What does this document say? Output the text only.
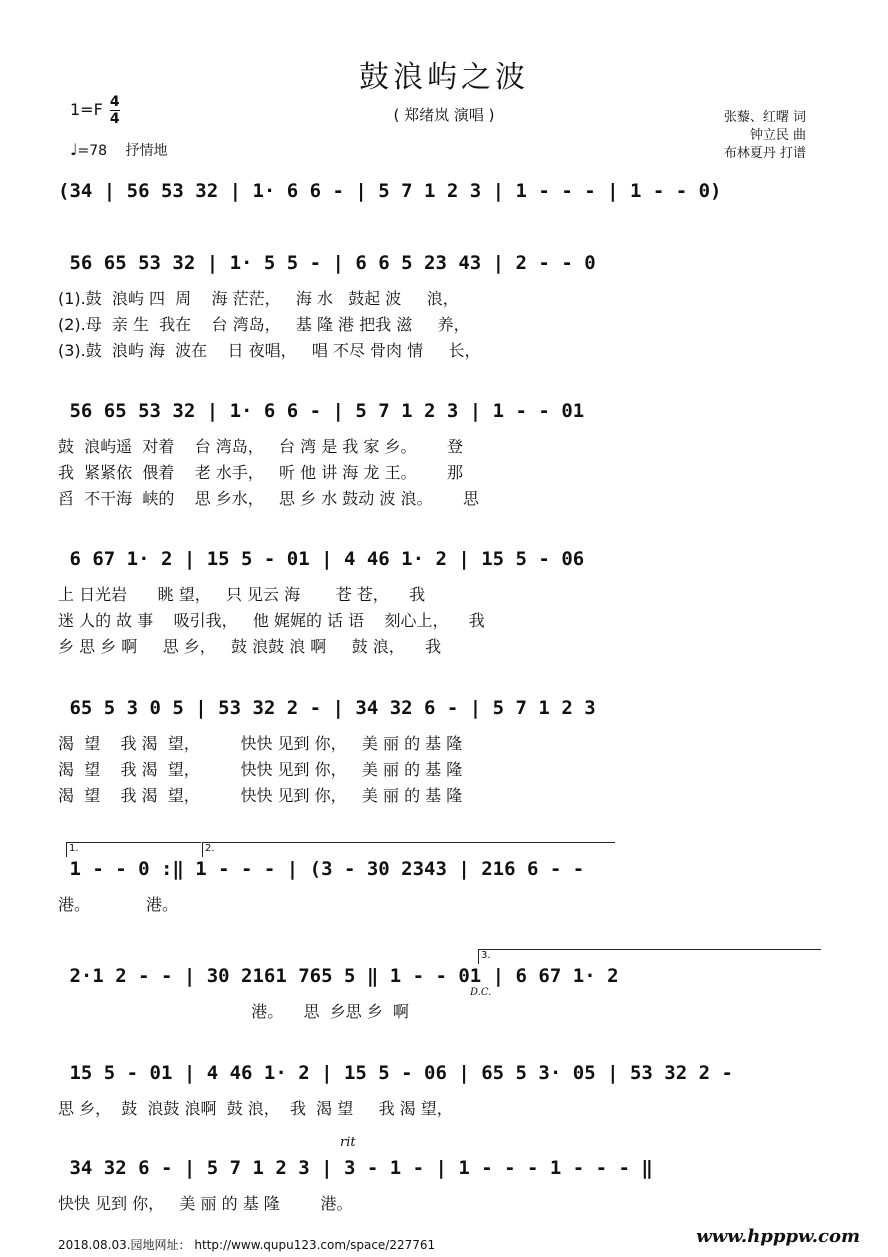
鼓浪屿之波
( 郑绪岚 演唱 )
$1=F \frac{4}{4}$
♩=78 抒情地
张藜、红曙 词
钟立民 曲
布林夏丹 打谱
(34 | 56 53 32 | 1· 6 6 - | 5 7 1 2 3 | 1 - - - | 1 - - 0)
56 65 53 32 | 1· 5 5 - | 6 6 5 23 43 | 2 - - 0
(1).鼓  浪屿 四  周    海 茫茫，   海 水   鼓起 波     浪，
(2).母  亲 生  我在    台 湾岛，   基 隆 港 把我 滋     养，
(3).鼓  浪屿 海  波在    日 夜唱，   唱 不尽 骨肉 情     长，
56 65 53 32 | 1· 6 6 - | 5 7 1 2 3 | 1 - - 01
鼓  浪屿遥  对着    台 湾岛，   台 湾 是 我 家 乡。      登
我  紧紧依  偎着    老 水手，   听 他 讲 海 龙 王。      那
舀  不干海  峡的    思 乡水，   思 乡 水 鼓动 波 浪。      思
6 67 1· 2 | 15 5 - 01 | 4 46 1· 2 | 15 5 - 06
上 日光岩      眺 望，   只 见云 海       苍 苍，    我
迷 人的 故 事    吸引我，   他 娓娓的 话 语    刻心上，    我
乡 思 乡 啊     思 乡，   鼓 浪鼓 浪 啊     鼓 浪，    我
65 5 3 0 5 | 53 32 2 - | 34 32 6 - | 5 7 1 2 3
渴  望    我 渴  望，        快快 见到 你，   美 丽 的 基 隆
渴  望    我 渴  望，        快快 见到 你，   美 丽 的 基 隆
渴  望    我 渴  望，        快快 见到 你，   美 丽 的 基 隆
1.	2.
1 - - 0 :‖ 1 - - - | (3 - 30 2343 | 216 6 - -
港。           港。
3.
D.C.
2·1 2 - - | 30 2161 765 5 ‖ 1 - - 01 | 6 67 1· 2
港。    思  乡思 乡  啊
15 5 - 01 | 4 46 1· 2 | 15 5 - 06 | 65 5 3· 05 | 53 32 2 -
思 乡，  鼓  浪鼓 浪啊  鼓 浪，  我  渴 望     我 渴 望，
rit
34 32 6 - | 5 7 1 2 3 | 3 - 1 - | 1 - - - 1 - - - ‖
快快 见到 你，   美 丽 的 基 隆        港。
2018.08.03.园地网址： http://www.qupu123.com/space/227761	www.hpppw.com
